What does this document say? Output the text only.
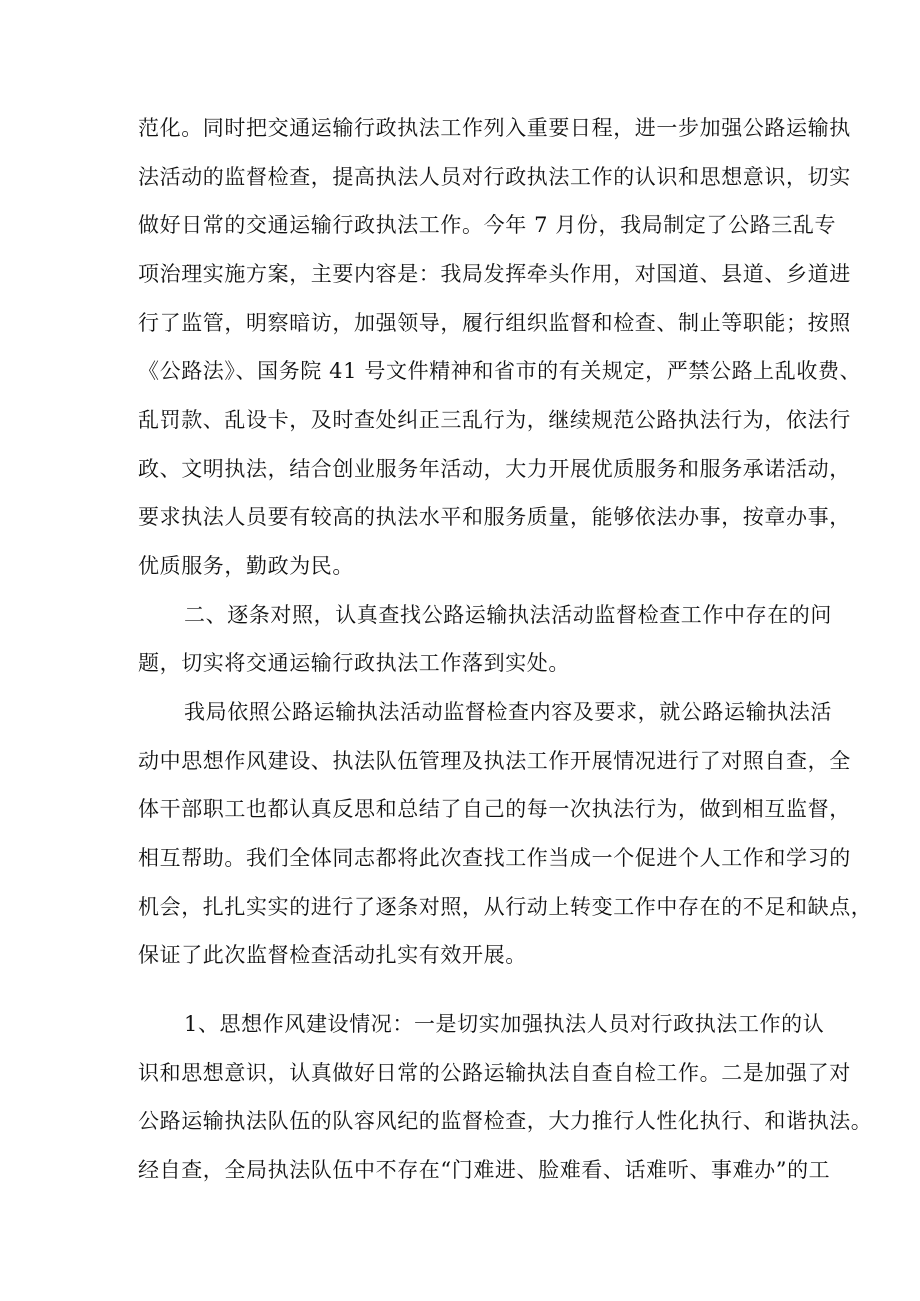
范化。同时把交通运输行政执法工作列入重要日程，进一步加强公路运输执
法活动的监督检查，提高执法人员对行政执法工作的认识和思想意识，切实
做好日常的交通运输行政执法工作。今年 7 月份，我局制定了公路三乱专
项治理实施方案，主要内容是：我局发挥牵头作用，对国道、县道、乡道进
行了监管，明察暗访，加强领导，履行组织监督和检查、制止等职能；按照
《公路法》、国务院 41 号文件精神和省市的有关规定，严禁公路上乱收费、
乱罚款、乱设卡，及时查处纠正三乱行为，继续规范公路执法行为，依法行
政、文明执法，结合创业服务年活动，大力开展优质服务和服务承诺活动，
要求执法人员要有较高的执法水平和服务质量，能够依法办事，按章办事，
优质服务，勤政为民。
二、逐条对照，认真查找公路运输执法活动监督检查工作中存在的问
题，切实将交通运输行政执法工作落到实处。
我局依照公路运输执法活动监督检查内容及要求，就公路运输执法活
动中思想作风建设、执法队伍管理及执法工作开展情况进行了对照自查，全
体干部职工也都认真反思和总结了自己的每一次执法行为，做到相互监督，
相互帮助。我们全体同志都将此次查找工作当成一个促进个人工作和学习的
机会，扎扎实实的进行了逐条对照，从行动上转变工作中存在的不足和缺点，
保证了此次监督检查活动扎实有效开展。
1、思想作风建设情况：一是切实加强执法人员对行政执法工作的认
识和思想意识，认真做好日常的公路运输执法自查自检工作。二是加强了对
公路运输执法队伍的队容风纪的监督检查，大力推行人性化执行、和谐执法。
经自查，全局执法队伍中不存在“门难进、脸难看、话难听、事难办”的工
